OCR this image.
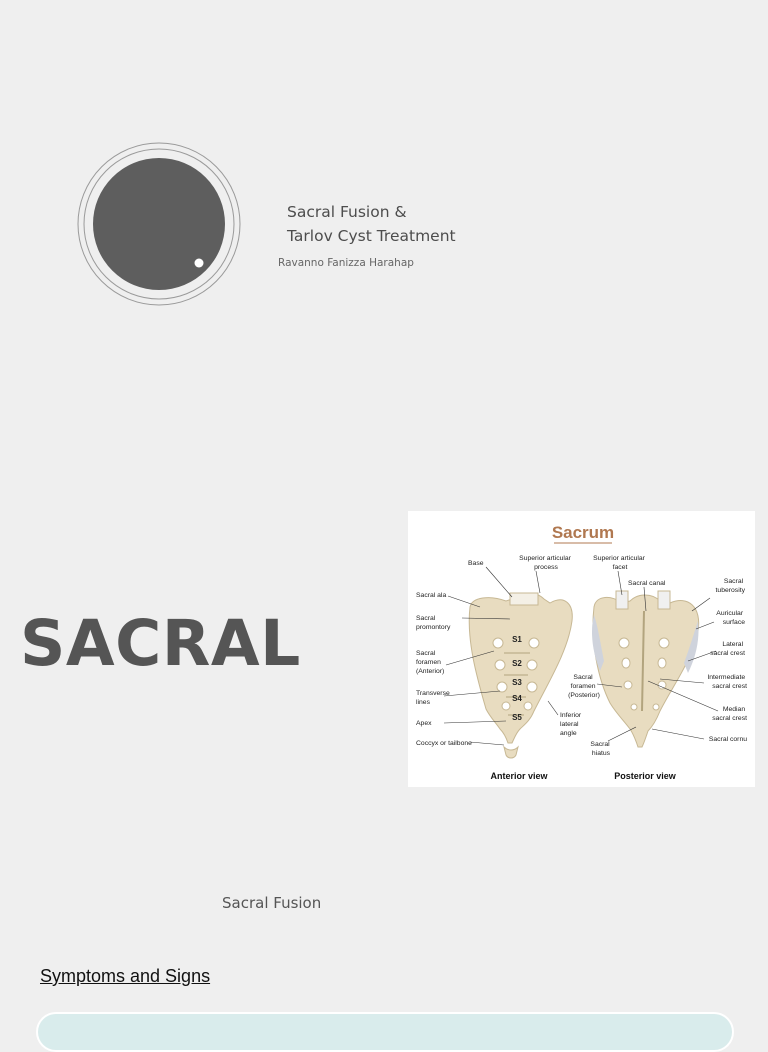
Sacral Fusion &
Tarlov Cyst Treatment
Ravanno Fanizza Harahap
SACRAL
Sacrum
S1
S2
S3
S4
S5
Base
Superior articular process
Superior articular facet
Sacral canal	Sacral tuberosity
Sacral ala
Sacral promontory
Auricular surface
Lateral sacral crest
Sacral foramen (Anterior)
Sacral foramen (Posterior)
Intermediate sacral crest
Transverse lines
Median sacral crest
Inferior lateral angle
Apex
Sacral hiatus
Sacral cornu
Coccyx or tailbone
Anterior view	Posterior view
Sacral Fusion
Symptoms and Signs
